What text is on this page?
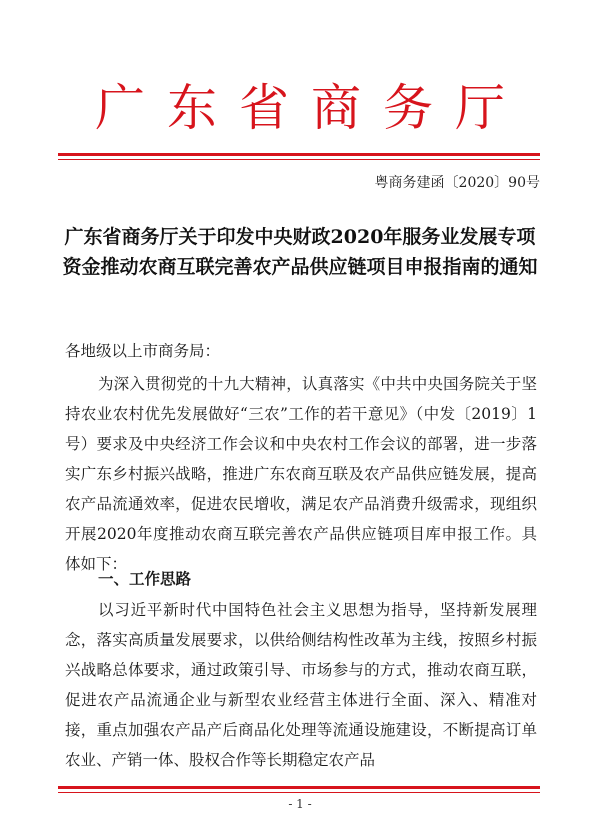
广东省商务厅
粤商务建函〔2020〕90号
广东省商务厅关于印发中央财政2020年服务业发展专项资金推动农商互联完善农产品供应链项目申报指南的通知
各地级以上市商务局：

为深入贯彻党的十九大精神，认真落实《中共中央国务院关于坚持农业农村优先发展做好“三农”工作的若干意见》（中发〔2019〕1号）要求及中央经济工作会议和中央农村工作会议的部署，进一步落实广东乡村振兴战略，推进广东农商互联及农产品供应链发展，提高农产品流通效率，促进农民增收，满足农产品消费升级需求，现组织开展2020年度推动农商互联完善农产品供应链项目库申报工作。具体如下：

一、工作思路

以习近平新时代中国特色社会主义思想为指导，坚持新发展理念，落实高质量发展要求，以供给侧结构性改革为主线，按照乡村振兴战略总体要求，通过政策引导、市场参与的方式，推动农商互联，促进农产品流通企业与新型农业经营主体进行全面、深入、精准对接，重点加强农产品产后商品化处理等流通设施建设，不断提高订单农业、产销一体、股权合作等长期稳定农产品

- 1 -
